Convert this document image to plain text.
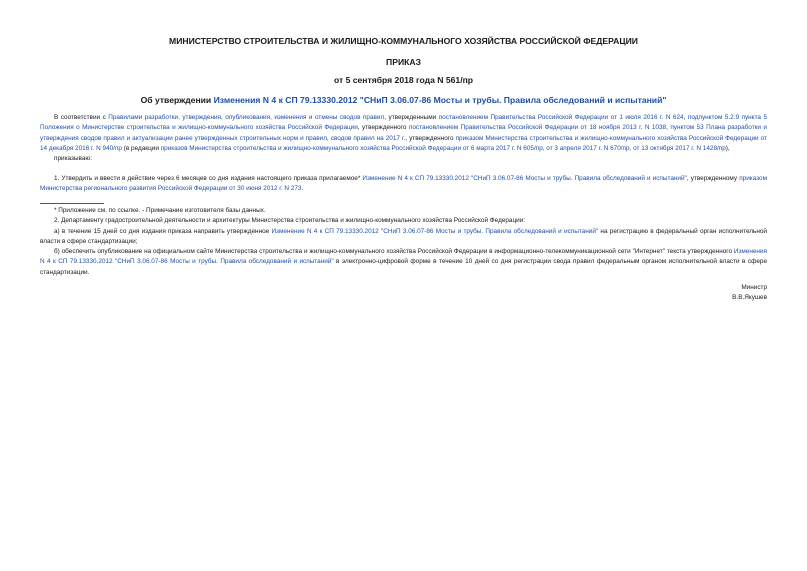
МИНИСТЕРСТВО СТРОИТЕЛЬСТВА И ЖИЛИЩНО-КОММУНАЛЬНОГО ХОЗЯЙСТВА РОССИЙСКОЙ ФЕДЕРАЦИИ
ПРИКАЗ
от 5 сентября 2018 года N 561/пр
Об утверждении Изменения N 4 к СП 79.13330.2012 "СНиП 3.06.07-86 Мосты и трубы. Правила обследований и испытаний"

В соответствии с Правилами разработки, утверждения, опубликования, изменения и отмены сводов правил, утвержденными постановлением Правительства Российской Федерации от 1 июля 2016 г. N 624, подпунктом 5.2.9 пункта 5 Положения о Министерстве строительства и жилищно-коммунального хозяйства Российской Федерации, утвержденного постановлением Правительства Российской Федерации от 18 ноября 2013 г. N 1038, пунктом 53 Плана разработки и утверждения сводов правил и актуализации ранее утвержденных строительных норм и правил, сводов правил на 2017 г., утвержденного приказом Министерства строительства и жилищно-коммунального хозяйства Российской Федерации от 14 декабря 2016 г. N 940/пр (в редакции приказов Министерства строительства и жилищно-коммунального хозяйства Российской Федерации от 6 марта 2017 г. N 605/пр, от 3 апреля 2017 г. N 670/пр, от 13 октября 2017 г. N 1428/пр),

приказываю:

1. Утвердить и ввести в действие через 6 месяцев со дня издания настоящего приказа прилагаемое* Изменение N 4 к СП 79.13330.2012 "СНиП 3.06.07-86 Мосты и трубы. Правила обследований и испытаний", утвержденному приказом Министерства регионального развития Российской Федерации от 30 июня 2012 г. N 273.

* Приложение см. по ссылке. - Примечание изготовителя базы данных.

2. Департаменту градостроительной деятельности и архитектуры Министерства строительства и жилищно-коммунального хозяйства Российской Федерации:

а) в течение 15 дней со дня издания приказа направить утвержденное Изменение N 4 к СП 79.13330.2012 "СНиП 3.06.07-86 Мосты и трубы. Правила обследований и испытаний" на регистрацию в федеральный орган исполнительной власти в сфере стандартизации;

б) обеспечить опубликование на официальном сайте Министерства строительства и жилищно-коммунального хозяйства Российской Федерации в информационно-телекоммуникационной сети "Интернет" текста утвержденного Изменения N 4 к СП 79.13330.2012 "СНиП 3.06.07-86 Мосты и трубы. Правила обследований и испытаний" в электронно-цифровой форме в течение 10 дней со дня регистрации свода правил федеральным органом исполнительной власти в сфере стандартизации.

Министр
В.В.Якушев
